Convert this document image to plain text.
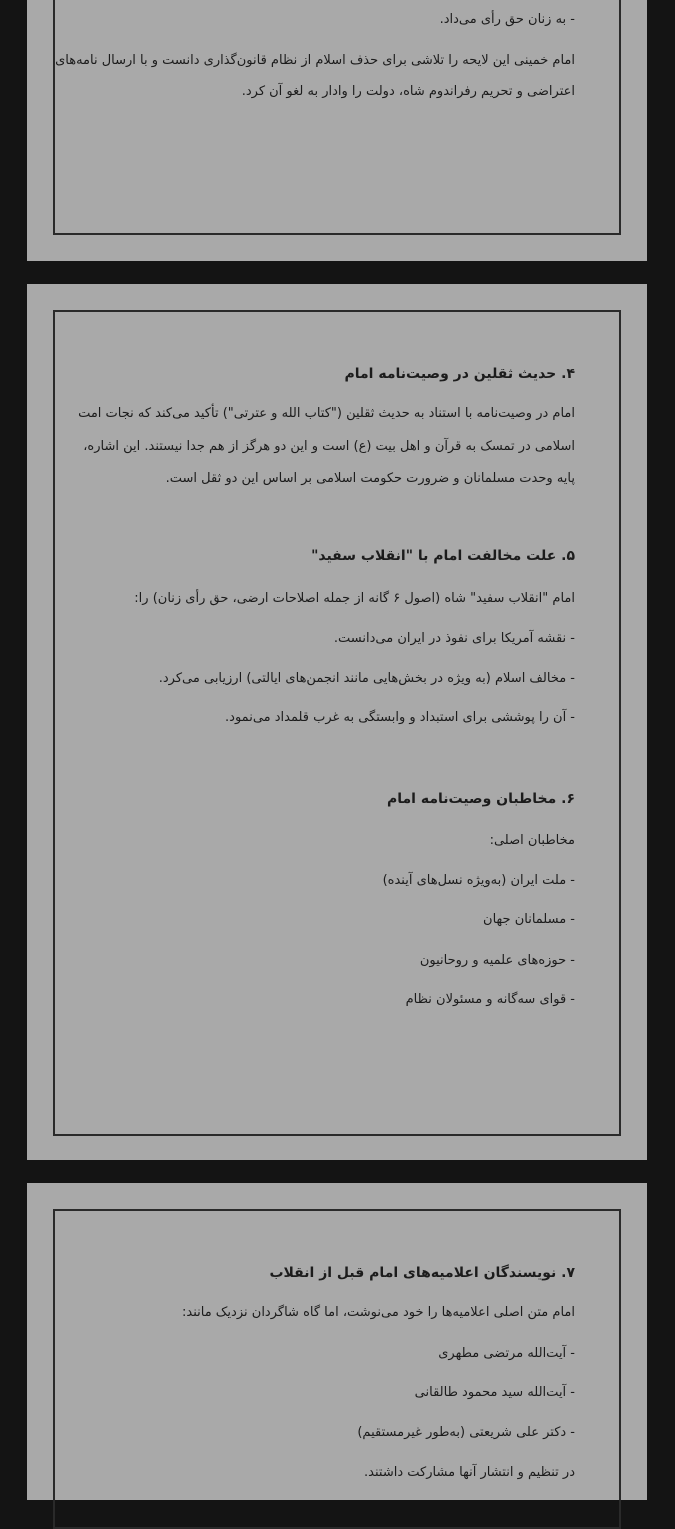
- به زنان حق رأی می‌داد.
امام خمینی این لایحه را تلاشی برای حذف اسلام از نظام قانون‌گذاری دانست و با ارسال نامه‌های
اعتراضی و تحریم رفراندوم شاه، دولت را وادار به لغو آن کرد.
۴. حدیث ثقلین در وصیت‌نامه امام
امام در وصیت‌نامه با استناد به حدیث ثقلین ("کتاب الله و عترتی") تأکید می‌کند که نجات امت
اسلامی در تمسک به قرآن و اهل بیت (ع) است و این دو هرگز از هم جدا نیستند. این اشاره،
پایه وحدت مسلمانان و ضرورت حکومت اسلامی بر اساس این دو ثقل است.
۵. علت مخالفت امام با "انقلاب سفید"
امام "انقلاب سفید" شاه (اصول ۶ گانه از جمله اصلاحات ارضی، حق رأی زنان) را:
- نقشه آمریکا برای نفوذ در ایران می‌دانست.
- مخالف اسلام (به ویژه در بخش‌هایی مانند انجمن‌های ایالتی) ارزیابی می‌کرد.
- آن را پوششی برای استبداد و وابستگی به غرب قلمداد می‌نمود.
۶. مخاطبان وصیت‌نامه امام
مخاطبان اصلی:
- ملت ایران (به‌ویژه نسل‌های آینده)
- مسلمانان جهان
- حوزه‌های علمیه و روحانیون
- قوای سه‌گانه و مسئولان نظام
۷. نویسندگان اعلامیه‌های امام قبل از انقلاب
امام متن اصلی اعلامیه‌ها را خود می‌نوشت، اما گاه شاگردان نزدیک مانند:
- آیت‌الله مرتضی مطهری
- آیت‌الله سید محمود طالقانی
- دکتر علی شریعتی (به‌طور غیرمستقیم)
در تنظیم و انتشار آنها مشارکت داشتند.
